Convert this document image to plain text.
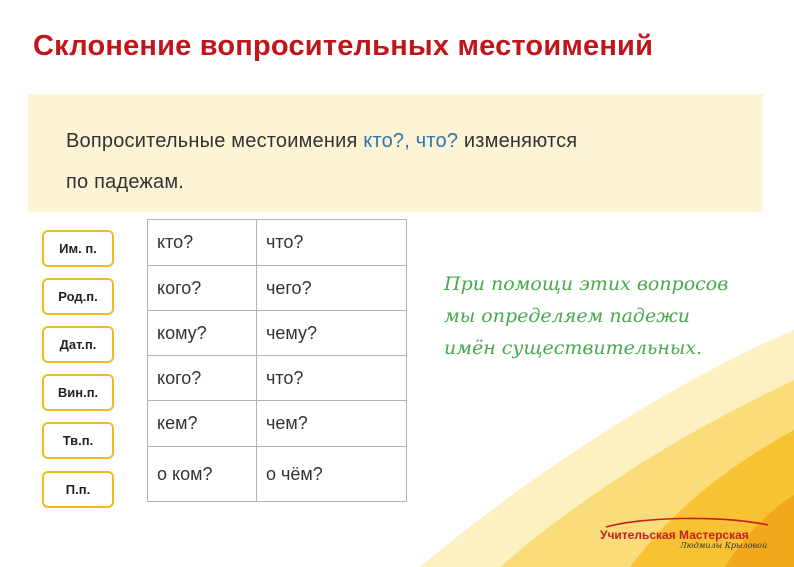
Склонение вопросительных местоимений

Вопросительные местоимения кто?, что? изменяются

по падежам.

Им. п.
Род.п.
Дат.п.
Вин.п.
Тв.п.
П.п.
кто?	что?
кого?	чего?
кому?	чему?
кого?	что?
кем?	чем?
о ком?	о чём?
При помощи этих вопросов
мы определяем падежи
имён существительных.
Учительская Мастерская
Людмилы Крыловой
